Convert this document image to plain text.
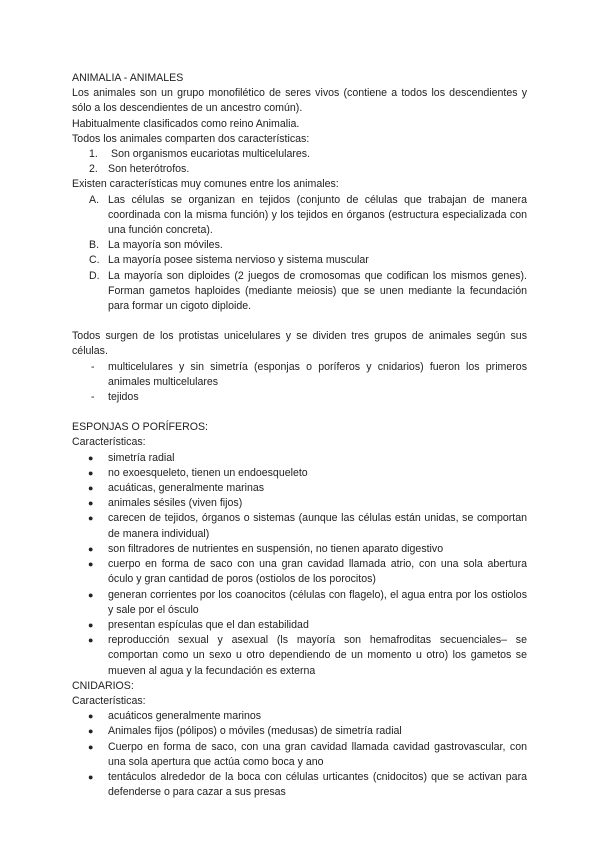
ANIMALIA - ANIMALES

Los animales son un grupo monofilético de seres vivos (contiene a todos los descendientes y sólo a los descendientes de un ancestro común).

Habitualmente clasificados como reino Animalia.

Todos los animales comparten dos características:

1. Son organismos eucariotas multicelulares.
2. Son heterótrofos.

Existen características muy comunes entre los animales:

A. Las células se organizan en tejidos (conjunto de células que trabajan de manera coordinada con la misma función) y los tejidos en órganos (estructura especializada con una función concreta).
B. La mayoría son móviles.
C. La mayoría posee sistema nervioso y sistema muscular
D. La mayoría son diploides (2 juegos de cromosomas que codifican los mismos genes). Forman gametos haploides (mediante meiosis) que se unen mediante la fecundación para formar un cigoto diploide.

Todos surgen de los protistas unicelulares y se dividen tres grupos de animales según sus células.

- multicelulares y sin simetría (esponjas o poríferos y cnidarios) fueron los primeros animales multicelulares
- tejidos

ESPONJAS O PORÍFEROS:

Características:

● simetría radial
● no exoesqueleto, tienen un endoesqueleto
● acuáticas, generalmente marinas
● animales sésiles (viven fijos)
● carecen de tejidos, órganos o sistemas (aunque las células están unidas, se comportan de manera individual)
● son filtradores de nutrientes en suspensión, no tienen aparato digestivo
● cuerpo en forma de saco con una gran cavidad llamada atrio, con una sola abertura óculo y gran cantidad de poros (ostiolos de los porocitos)
● generan corrientes por los coanocitos (células con flagelo), el agua entra por los ostiolos y sale por el ósculo
● presentan espículas que el dan estabilidad
● reproducción sexual y asexual (ls mayoría son hemafroditas secuenciales– se comportan como un sexo u otro dependiendo de un momento u otro) los gametos se mueven al agua y la fecundación es externa

CNIDARIOS:

Características:

● acuáticos generalmente marinos
● Animales fijos (pólipos) o móviles (medusas) de simetría radial
● Cuerpo en forma de saco, con una gran cavidad llamada cavidad gastrovascular, con una sola apertura que actúa como boca y ano
● tentáculos alrededor de la boca con células urticantes (cnidocitos) que se activan para defenderse o para cazar a sus presas
